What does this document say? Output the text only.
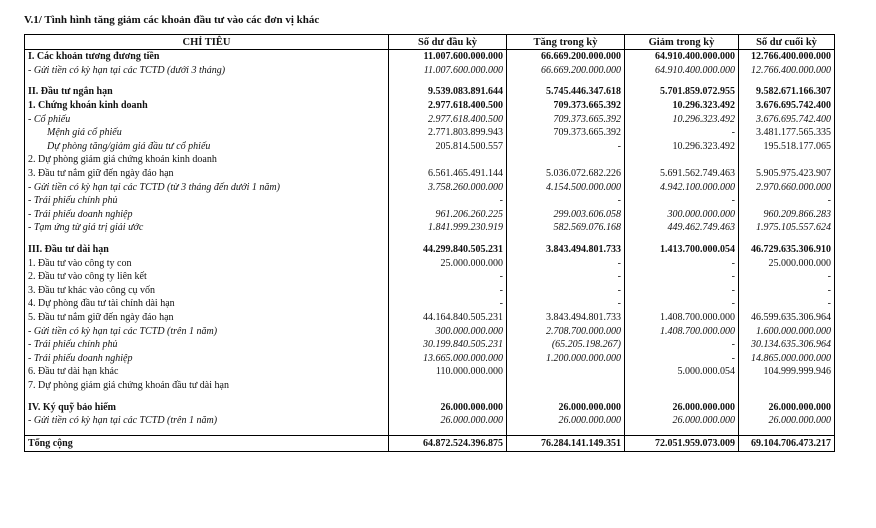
V.1/ Tình hình tăng giảm các khoản đầu tư vào các đơn vị khác
CHỈ TIÊU	Số dư đầu kỳ	Tăng trong kỳ	Giảm trong kỳ	Số dư cuối kỳ
I. Các khoản tương đương tiền	11.007.600.000.000	66.669.200.000.000	64.910.400.000.000	12.766.400.000.000
- Gửi tiền có kỳ hạn tại các TCTD (dưới 3 tháng)	11.007.600.000.000	66.669.200.000.000	64.910.400.000.000	12.766.400.000.000

II. Đầu tư ngắn hạn	9.539.083.891.644	5.745.446.347.618	5.701.859.072.955	9.582.671.166.307
1. Chứng khoán kinh doanh	2.977.618.400.500	709.373.665.392	10.296.323.492	3.676.695.742.400
- Cổ phiếu	2.977.618.400.500	709.373.665.392	10.296.323.492	3.676.695.742.400
Mệnh giá cổ phiếu	2.771.803.899.943	709.373.665.392	-	3.481.177.565.335
Dự phòng tăng/giảm giá đầu tư cổ phiếu	205.814.500.557	-	10.296.323.492	195.518.177.065
2. Dự phòng giảm giá chứng khoán kinh doanh				
3. Đầu tư nắm giữ đến ngày đáo hạn	6.561.465.491.144	5.036.072.682.226	5.691.562.749.463	5.905.975.423.907
- Gửi tiền có kỳ hạn tại các TCTD (từ 3 tháng đến dưới 1 năm)	3.758.260.000.000	4.154.500.000.000	4.942.100.000.000	2.970.660.000.000
- Trái phiếu chính phủ	-	-	-	-
- Trái phiếu doanh nghiệp	961.206.260.225	299.003.606.058	300.000.000.000	960.209.866.283
- Tạm ứng từ giá trị giải ước	1.841.999.230.919	582.569.076.168	449.462.749.463	1.975.105.557.624

III. Đầu tư dài hạn	44.299.840.505.231	3.843.494.801.733	1.413.700.000.054	46.729.635.306.910
1. Đầu tư vào công ty con	25.000.000.000	-	-	25.000.000.000
2. Đầu tư vào công ty liên kết	-	-	-	-
3. Đầu tư khác vào công cụ vốn	-	-	-	-
4. Dự phòng đầu tư tài chính dài hạn	-	-	-	-
5. Đầu tư nắm giữ đến ngày đáo hạn	44.164.840.505.231	3.843.494.801.733	1.408.700.000.000	46.599.635.306.964
- Gửi tiền có kỳ hạn tại các TCTD (trên 1 năm)	300.000.000.000	2.708.700.000.000	1.408.700.000.000	1.600.000.000.000
- Trái phiếu chính phủ	30.199.840.505.231	(65.205.198.267)	-	30.134.635.306.964
- Trái phiếu doanh nghiệp	13.665.000.000.000	1.200.000.000.000	-	14.865.000.000.000
6. Đầu tư dài hạn khác	110.000.000.000		5.000.000.054	104.999.999.946
7. Dự phòng giảm giá chứng khoán đầu tư dài hạn				

IV. Ký quỹ bảo hiểm	26.000.000.000	26.000.000.000	26.000.000.000	26.000.000.000
- Gửi tiền có kỳ hạn tại các TCTD (trên 1 năm)	26.000.000.000	26.000.000.000	26.000.000.000	26.000.000.000

Tổng cộng	64.872.524.396.875	76.284.141.149.351	72.051.959.073.009	69.104.706.473.217
